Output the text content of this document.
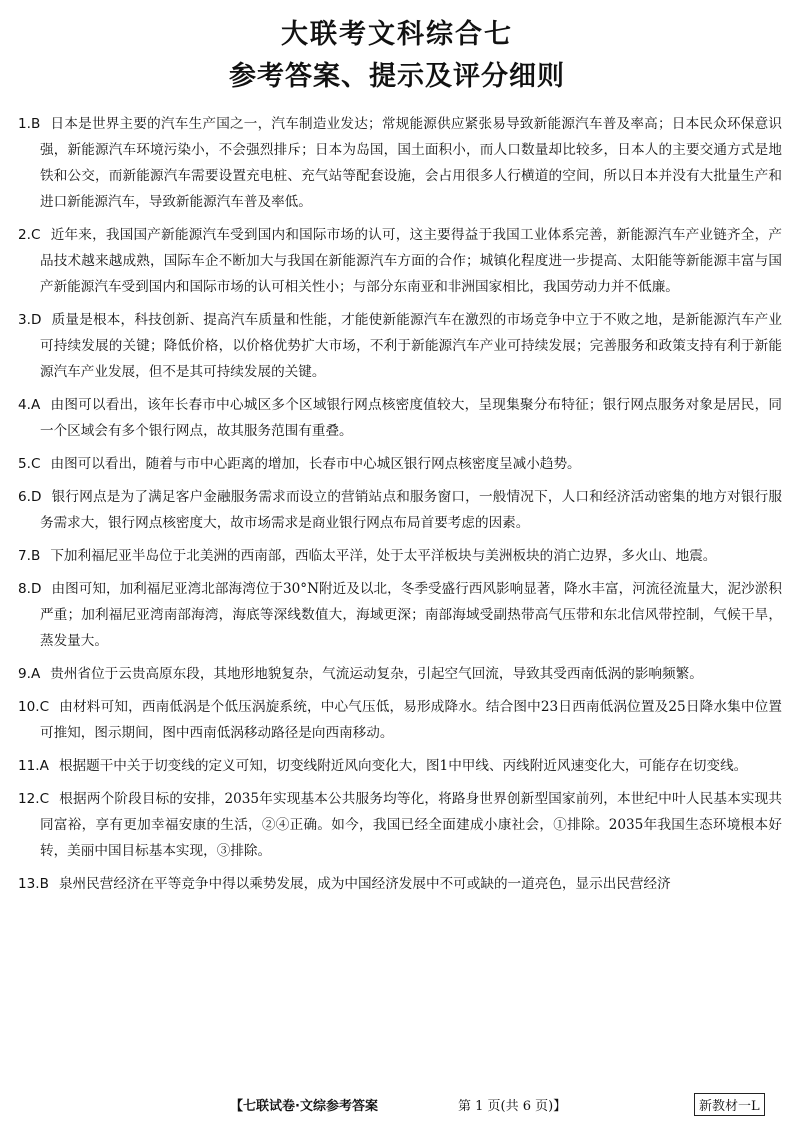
大联考文科综合七
参考答案、提示及评分细则
1.B 日本是世界主要的汽车生产国之一，汽车制造业发达；常规能源供应紧张易导致新能源汽车普及率高；日本民众环保意识强，新能源汽车环境污染小，不会强烈排斥；日本为岛国，国土面积小，而人口数量却比较多，日本人的主要交通方式是地铁和公交，而新能源汽车需要设置充电桩、充气站等配套设施，会占用很多人行横道的空间，所以日本并没有大批量生产和进口新能源汽车，导致新能源汽车普及率低。
2.C 近年来，我国国产新能源汽车受到国内和国际市场的认可，这主要得益于我国工业体系完善，新能源汽车产业链齐全，产品技术越来越成熟，国际车企不断加大与我国在新能源汽车方面的合作；城镇化程度进一步提高、太阳能等新能源丰富与国产新能源汽车受到国内和国际市场的认可相关性小；与部分东南亚和非洲国家相比，我国劳动力并不低廉。
3.D 质量是根本，科技创新、提高汽车质量和性能，才能使新能源汽车在激烈的市场竞争中立于不败之地，是新能源汽车产业可持续发展的关键；降低价格，以价格优势扩大市场，不利于新能源汽车产业可持续发展；完善服务和政策支持有利于新能源汽车产业发展，但不是其可持续发展的关键。
4.A 由图可以看出，该年长春市中心城区多个区域银行网点核密度值较大，呈现集聚分布特征；银行网点服务对象是居民，同一个区域会有多个银行网点，故其服务范围有重叠。
5.C 由图可以看出，随着与市中心距离的增加，长春市中心城区银行网点核密度呈减小趋势。
6.D 银行网点是为了满足客户金融服务需求而设立的营销站点和服务窗口，一般情况下，人口和经济活动密集的地方对银行服务需求大，银行网点核密度大，故市场需求是商业银行网点布局首要考虑的因素。
7.B 下加利福尼亚半岛位于北美洲的西南部，西临太平洋，处于太平洋板块与美洲板块的消亡边界，多火山、地震。
8.D 由图可知，加利福尼亚湾北部海湾位于30°N附近及以北，冬季受盛行西风影响显著，降水丰富，河流径流量大，泥沙淤积严重；加利福尼亚湾南部海湾，海底等深线数值大，海域更深；南部海域受副热带高气压带和东北信风带控制，气候干旱，蒸发量大。
9.A 贵州省位于云贵高原东段，其地形地貌复杂，气流运动复杂，引起空气回流，导致其受西南低涡的影响频繁。
10.C 由材料可知，西南低涡是个低压涡旋系统，中心气压低，易形成降水。结合图中23日西南低涡位置及25日降水集中位置可推知，图示期间，图中西南低涡移动路径是向西南移动。
11.A 根据题干中关于切变线的定义可知，切变线附近风向变化大，图1中甲线、丙线附近风速变化大，可能存在切变线。
12.C 根据两个阶段目标的安排，2035年实现基本公共服务均等化，将路身世界创新型国家前列，本世纪中叶人民基本实现共同富裕，享有更加幸福安康的生活，②④正确。如今，我国已经全面建成小康社会，①排除。2035年我国生态环境根本好转，美丽中国目标基本实现，③排除。
13.B 泉州民营经济在平等竞争中得以乘势发展，成为中国经济发展中不可或缺的一道亮色，显示出民营经济
【七联试卷·文综参考答案	第 1 页(共 6 页)】	新教材一L
